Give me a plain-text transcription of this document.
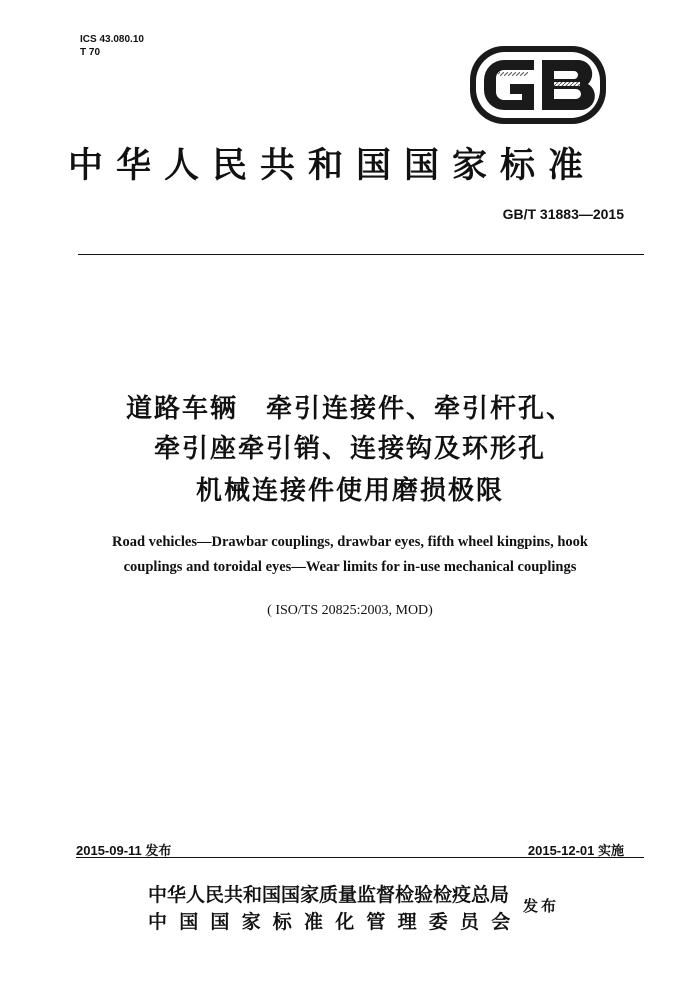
ICS 43.080.10
T 70
中华人民共和国国家标准
GB/T 31883—2015
道路车辆　牵引连接件、牵引杆孔、
牵引座牵引销、连接钩及环形孔
机械连接件使用磨损极限
Road vehicles—Drawbar couplings, drawbar eyes, fifth wheel kingpins, hook
couplings and toroidal eyes—Wear limits for in-use mechanical couplings
( ISO/TS 20825:2003, MOD)
2015-09-11 发布	2015-12-01 实施
中华人民共和国国家质量监督检验检疫总局
中国国家标准化管理委员会
发布
